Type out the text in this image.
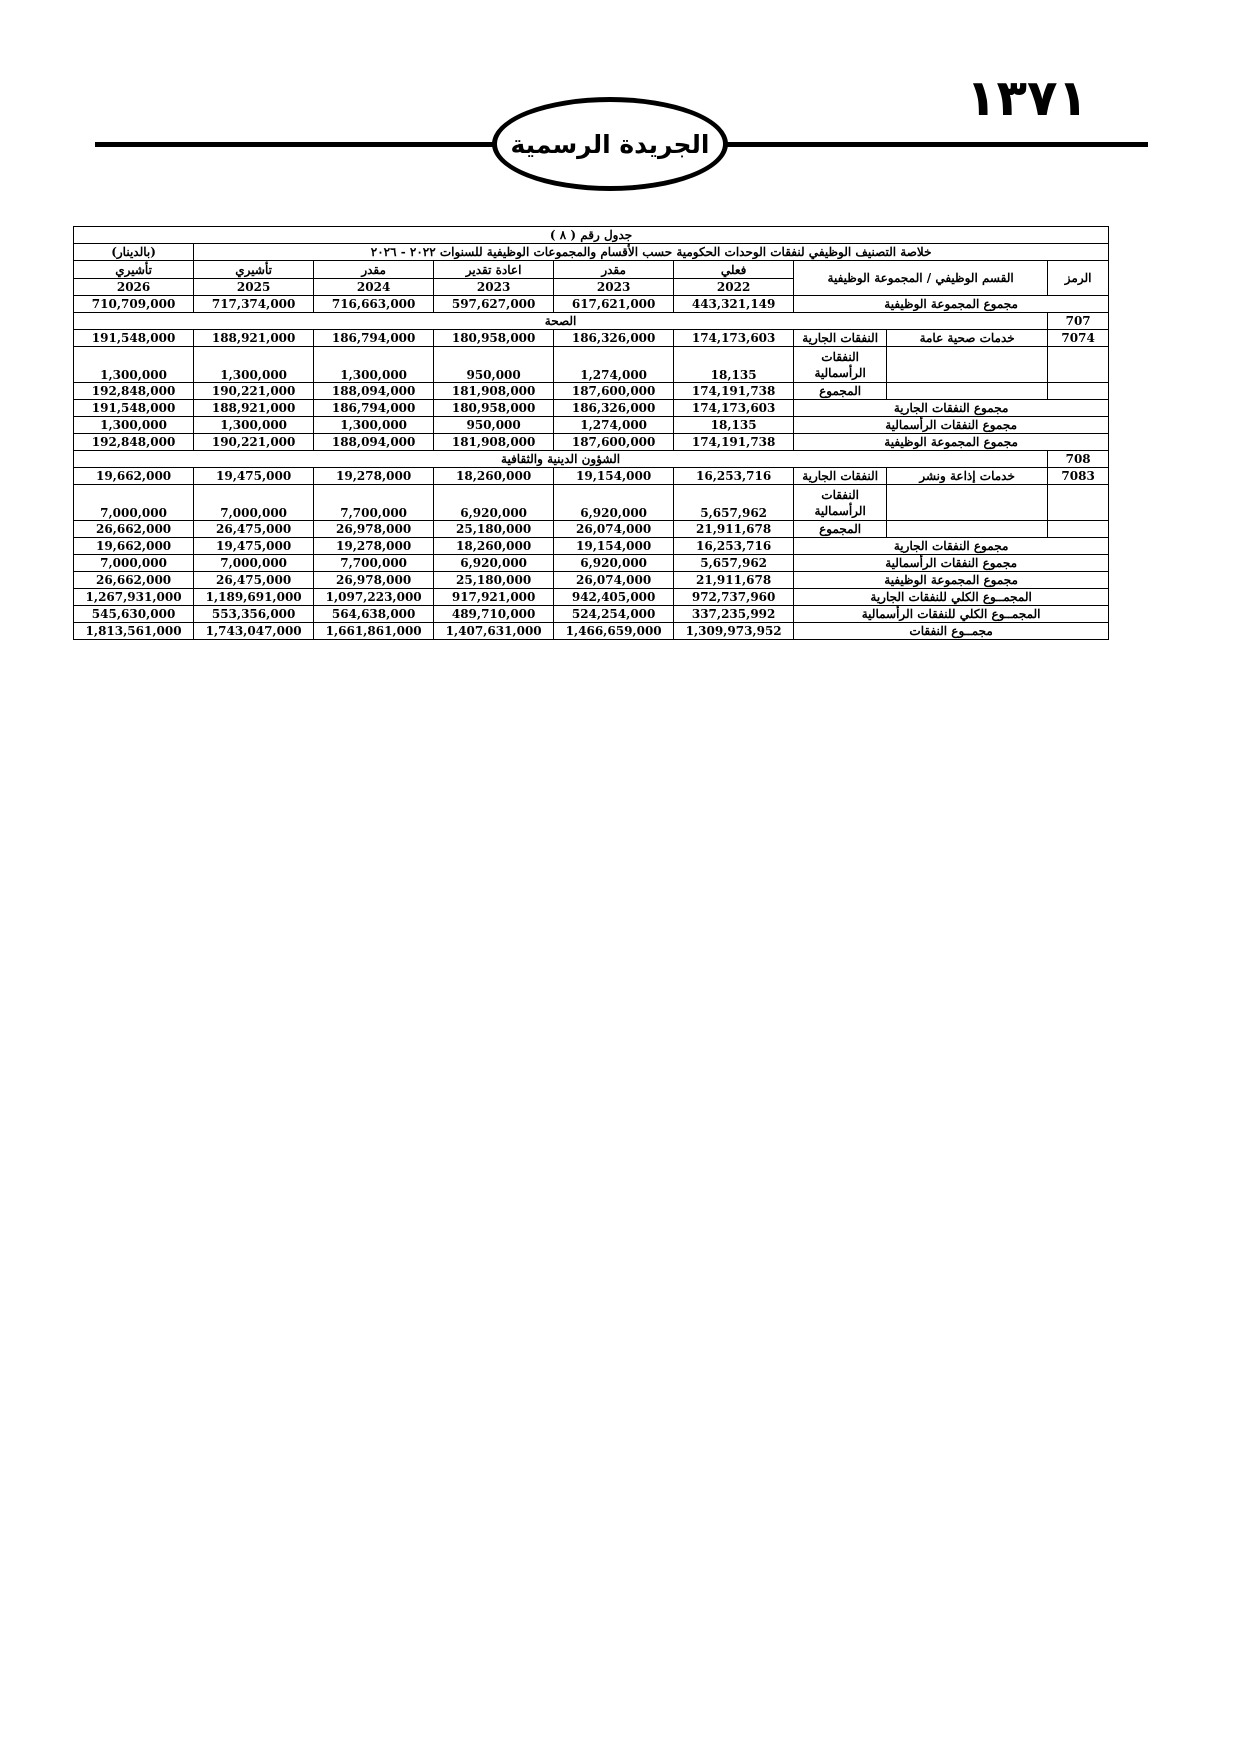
١٣٧١
الجريدة الرسمية
جدول رقم ( ٨ )								
خلاصة التصنيف الوظيفي لنفقات الوحدات الحكومية حسب الأقسام والمجموعات الوظيفية للسنوات ٢٠٢٢ - ٢٠٢٦								(بالدينار)
الرمز	القسم الوظيفي / المجموعة الوظيفية		فعلي	مقدر	اعادة تقدير	مقدر	تأشيري	تأشيري
			2022	2023	2023	2024	2025	2026
مجموع المجموعة الوظيفية			443,321,149	617,621,000	597,627,000	716,663,000	717,374,000	710,709,000
707	الصحة							
7074	خدمات صحية عامة	النفقات الجارية	174,173,603	186,326,000	180,958,000	186,794,000	188,921,000	191,548,000
		النفقات الرأسمالية	18,135	1,274,000	950,000	1,300,000	1,300,000	1,300,000
		المجموع	174,191,738	187,600,000	181,908,000	188,094,000	190,221,000	192,848,000
مجموع النفقات الجارية			174,173,603	186,326,000	180,958,000	186,794,000	188,921,000	191,548,000
مجموع النفقات الرأسمالية			18,135	1,274,000	950,000	1,300,000	1,300,000	1,300,000
مجموع المجموعة الوظيفية			174,191,738	187,600,000	181,908,000	188,094,000	190,221,000	192,848,000
708	الشؤون الدينية والثقافية							
7083	خدمات إذاعة ونشر	النفقات الجارية	16,253,716	19,154,000	18,260,000	19,278,000	19,475,000	19,662,000
		النفقات الرأسمالية	5,657,962	6,920,000	6,920,000	7,700,000	7,000,000	7,000,000
		المجموع	21,911,678	26,074,000	25,180,000	26,978,000	26,475,000	26,662,000
مجموع النفقات الجارية			16,253,716	19,154,000	18,260,000	19,278,000	19,475,000	19,662,000
مجموع النفقات الرأسمالية			5,657,962	6,920,000	6,920,000	7,700,000	7,000,000	7,000,000
مجموع المجموعة الوظيفية			21,911,678	26,074,000	25,180,000	26,978,000	26,475,000	26,662,000
المجمــوع الكلي للنفقات الجارية			972,737,960	942,405,000	917,921,000	1,097,223,000	1,189,691,000	1,267,931,000
المجمــوع الكلي للنفقات الرأسمالية			337,235,992	524,254,000	489,710,000	564,638,000	553,356,000	545,630,000
مجمــوع النفقات			1,309,973,952	1,466,659,000	1,407,631,000	1,661,861,000	1,743,047,000	1,813,561,000
